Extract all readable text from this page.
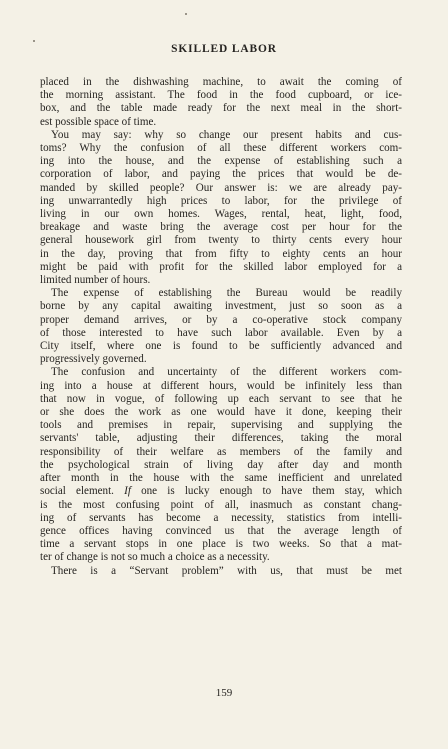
SKILLED LABOR
placed in the dishwashing machine, to await the coming of
the morning assistant. The food in the food cupboard, or ice-
box, and the table made ready for the next meal in the short-
est possible space of time.
You may say: why so change our present habits and cus-
toms? Why the confusion of all these different workers com-
ing into the house, and the expense of establishing such a
corporation of labor, and paying the prices that would be de-
manded by skilled people? Our answer is: we are already pay-
ing unwarrantedly high prices to labor, for the privilege of
living in our own homes. Wages, rental, heat, light, food,
breakage and waste bring the average cost per hour for the
general housework girl from twenty to thirty cents every hour
in the day, proving that from fifty to eighty cents an hour
might be paid with profit for the skilled labor employed for a
limited number of hours.
The expense of establishing the Bureau would be readily
borne by any capital awaiting investment, just so soon as a
proper demand arrives, or by a co-operative stock company
of those interested to have such labor available. Even by a
City itself, where one is found to be sufficiently advanced and
progressively governed.
The confusion and uncertainty of the different workers com-
ing into a house at different hours, would be infinitely less than
that now in vogue, of following up each servant to see that he
or she does the work as one would have it done, keeping their
tools and premises in repair, supervising and supplying the
servants' table, adjusting their differences, taking the moral
responsibility of their welfare as members of the family and
the psychological strain of living day after day and month
after month in the house with the same inefficient and unrelated
social element. If one is lucky enough to have them stay, which
is the most confusing point of all, inasmuch as constant chang-
ing of servants has become a necessity, statistics from intelli-
gence offices having convinced us that the average length of
time a servant stops in one place is two weeks. So that a mat-
ter of change is not so much a choice as a necessity.
There is a “Servant problem” with us, that must be met
159
